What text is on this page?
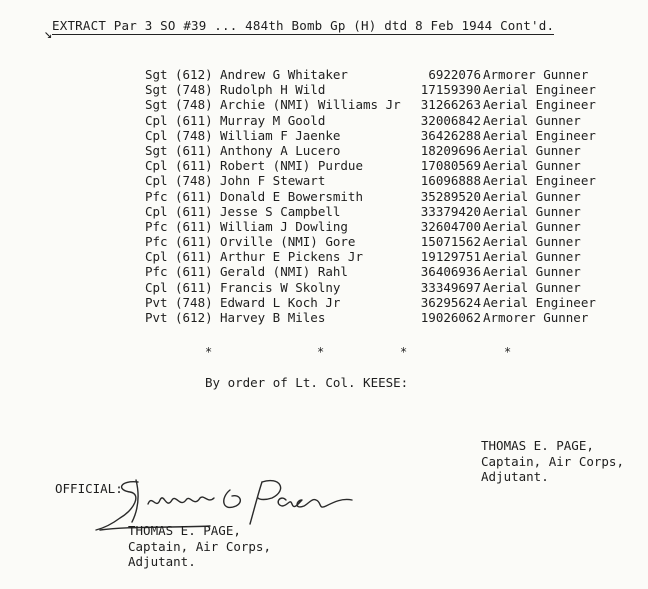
↘
EXTRACT Par 3 SO #39 ... 484th Bomb Gp (H) dtd 8 Feb 1944 Cont'd.
Sgt (612) Andrew G Whitaker	6922076 Armorer Gunner
Sgt (748) Rudolph H Wild	17159390 Aerial Engineer
Sgt (748) Archie (NMI) Williams Jr	31266263 Aerial Engineer
Cpl (611) Murray M Goold	32006842 Aerial Gunner
Cpl (748) William F Jaenke	36426288 Aerial Engineer
Sgt (611) Anthony A Lucero	18209696 Aerial Gunner
Cpl (611) Robert (NMI) Purdue	17080569 Aerial Gunner
Cpl (748) John F Stewart	16096888 Aerial Engineer
Pfc (611) Donald E Bowersmith	35289520 Aerial Gunner
Cpl (611) Jesse S Campbell	33379420 Aerial Gunner
Pfc (611) William J Dowling	32604700 Aerial Gunner
Pfc (611) Orville (NMI) Gore	15071562 Aerial Gunner
Cpl (611) Arthur E Pickens Jr	19129751 Aerial Gunner
Pfc (611) Gerald (NMI) Rahl	36406936 Aerial Gunner
Cpl (611) Francis W Skolny	33349697 Aerial Gunner
Pvt (748) Edward L Koch Jr	36295624 Aerial Engineer
Pvt (612) Harvey B Miles	19026062 Armorer Gunner
*	*	*	*
By order of Lt. Col. KEESE:
THOMAS E. PAGE,
Captain, Air Corps,
Adjutant.
OFFICIAL:
THOMAS E. PAGE,
Captain, Air Corps,
Adjutant.
